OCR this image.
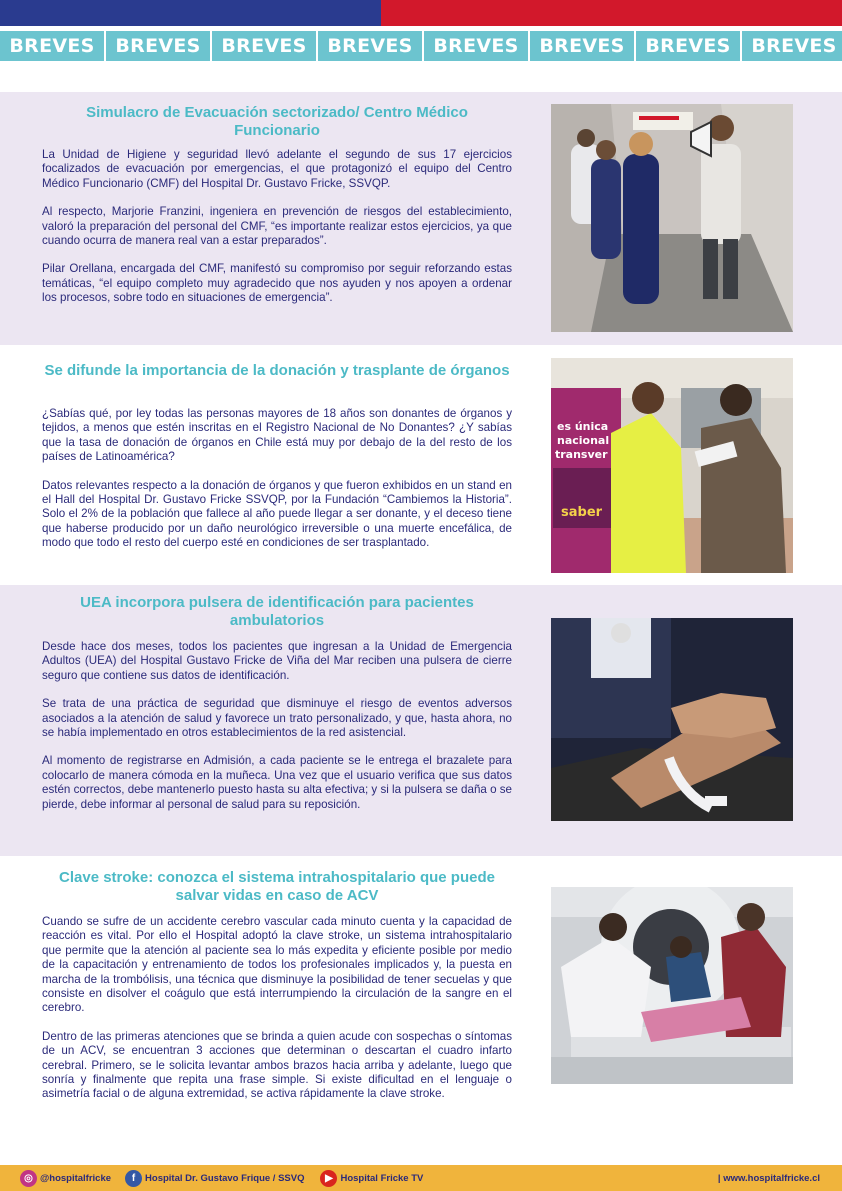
BREVES	BREVES	BREVES	BREVES	BREVES	BREVES	BREVES	BREVES
Simulacro de Evacuación sectorizado/ Centro Médico Funcionario

La Unidad de Higiene y seguridad llevó adelante el segundo de sus 17 ejercicios focalizados de evacuación por emergencias, el que protagonizó el equipo del Centro Médico Funcionario (CMF) del Hospital Dr. Gustavo Fricke, SSVQP.

Al respecto, Marjorie Franzini, ingeniera en prevención de riesgos del establecimiento, valoró la preparación del personal del CMF, “es importante realizar estos ejercicios, ya que cuando ocurra de manera real van a estar preparados”.

Pilar Orellana, encargada del CMF, manifestó su compromiso por seguir reforzando estas temáticas, “el equipo completo muy agradecido que nos ayuden y nos apoyen a ordenar los procesos, sobre todo en situaciones de emergencia”.

Se difunde la importancia de la donación y trasplante de órganos

¿Sabías qué, por ley todas las personas mayores de 18 años son donantes de órganos y tejidos, a menos que estén inscritas en el Registro Nacional de No Donantes? ¿Y sabías que la tasa de donación de órganos en Chile está muy por debajo de la del resto de los países de Latinoamérica?

Datos relevantes respecto a la donación de órganos y que fueron exhibidos en un stand en el Hall del Hospital Dr. Gustavo Fricke SSVQP, por la Fundación “Cambiemos la Historia”. Solo el 2% de la población que fallece al año puede llegar a ser donante, y el deceso tiene que haberse producido por un daño neurológico irreversible o una muerte encefálica, de modo que todo el resto del cuerpo esté en condiciones de ser trasplantado.

es única
nacional
transver
saber
UEA incorpora pulsera de identificación para pacientes ambulatorios

Desde hace dos meses, todos los pacientes que ingresan a la Unidad de Emergencia Adultos (UEA) del Hospital Gustavo Fricke de Viña del Mar reciben una pulsera de cierre seguro que contiene sus datos de identificación.

Se trata de una práctica de seguridad que disminuye el riesgo de eventos adversos asociados a la atención de salud y favorece un trato personalizado, y que, hasta ahora, no se había implementado en otros establecimientos de la red asistencial.

Al momento de registrarse en Admisión, a cada paciente se le entrega el brazalete para colocarlo de manera cómoda en la muñeca. Una vez que el usuario verifica que sus datos estén correctos, debe mantenerlo puesto hasta su alta efectiva; y si la pulsera se daña o se pierde, debe informar al personal de salud para su reposición.

Clave stroke: conozca el sistema intrahospitalario que puede salvar vidas en caso de ACV

Cuando se sufre de un accidente cerebro vascular cada minuto cuenta y la capacidad de reacción es vital. Por ello el Hospital adoptó la clave stroke, un sistema intrahospitalario que permite que la atención al paciente sea lo más expedita y eficiente posible por medio de la capacitación y entrenamiento de todos los profesionales implicados y, la puesta en marcha de la trombólisis, una técnica que disminuye la posibilidad de tener secuelas y que consiste en disolver el coágulo que está interrumpiendo la circulación de la sangre en el cerebro.

Dentro de las primeras atenciones que se brinda a quien acude con sospechas o síntomas de un ACV, se encuentran 3 acciones que determinan o descartan el cuadro infarto cerebral. Primero, se le solicita levantar ambos brazos hacia arriba y adelante, luego que sonría y finalmente que repita una frase simple. Si existe dificultad en el lenguaje o asimetría facial o de alguna extremidad, se activa rápidamente la clave stroke.

◎ @hospitalfricke	f	Hospital Dr. Gustavo Frique / SSVQ	▶ Hospital Fricke TV	| www.hospitalfricke.cl
